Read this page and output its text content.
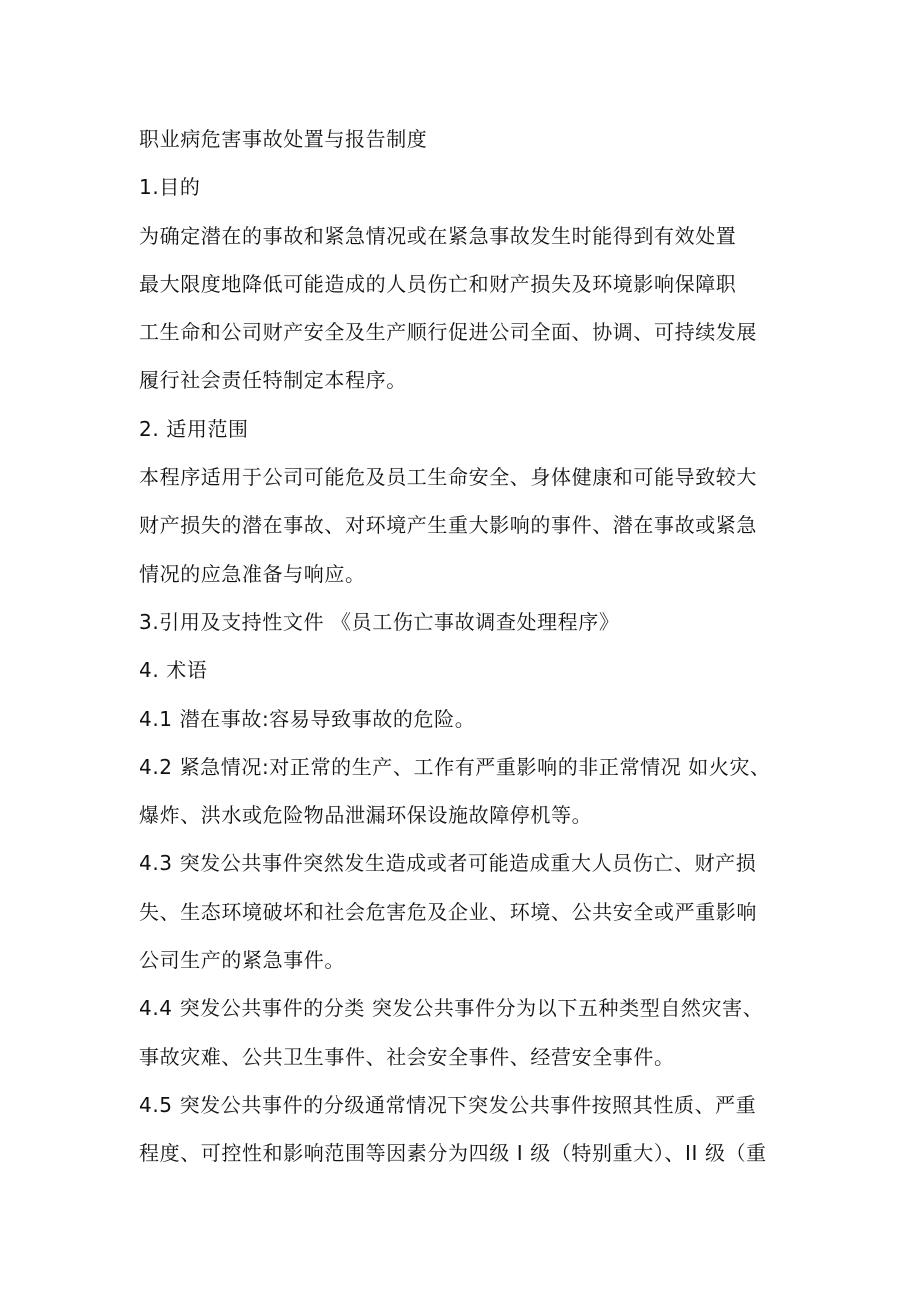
职业病危害事故处置与报告制度
1.目的
为确定潜在的事故和紧急情况或在紧急事故发生时能得到有效处置
最大限度地降低可能造成的人员伤亡和财产损失及环境影响保障职
工生命和公司财产安全及生产顺行促进公司全面、协调、可持续发展
履行社会责任特制定本程序。
2. 适用范围
本程序适用于公司可能危及员工生命安全、身体健康和可能导致较大
财产损失的潜在事故、对环境产生重大影响的事件、潜在事故或紧急
情况的应急准备与响应。
3.引用及支持性文件 《员工伤亡事故调查处理程序》
4. 术语
4.1 潜在事故:容易导致事故的危险。
4.2 紧急情况:对正常的生产、工作有严重影响的非正常情况 如火灾、
爆炸、洪水或危险物品泄漏环保设施故障停机等。
4.3 突发公共事件突然发生造成或者可能造成重大人员伤亡、财产损
失、生态环境破坏和社会危害危及企业、环境、公共安全或严重影响
公司生产的紧急事件。
4.4 突发公共事件的分类 突发公共事件分为以下五种类型自然灾害、
事故灾难、公共卫生事件、社会安全事件、经营安全事件。
4.5 突发公共事件的分级通常情况下突发公共事件按照其性质、严重
程度、可控性和影响范围等因素分为四级 I 级（特别重大）、II 级（重
